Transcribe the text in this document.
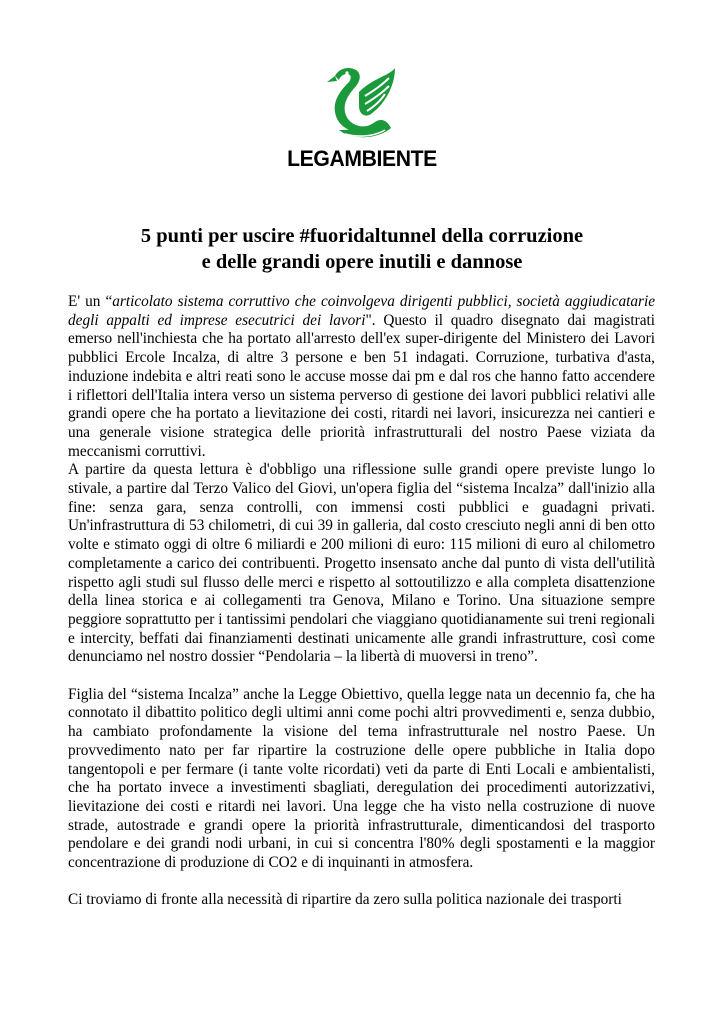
LEGAMBIENTE
5 punti per uscire #fuoridaltunnel della corruzione
e delle grandi opere inutili e dannose

E' un “articolato sistema corruttivo che coinvolgeva dirigenti pubblici, società aggiudicatarie degli appalti ed imprese esecutrici dei lavori". Questo il quadro disegnato dai magistrati emerso nell'inchiesta che ha portato all'arresto dell'ex super-dirigente del Ministero dei Lavori pubblici Ercole Incalza, di altre 3 persone e ben 51 indagati. Corruzione, turbativa d'asta, induzione indebita e altri reati sono le accuse mosse dai pm e dal ros che hanno fatto accendere i riflettori dell'Italia intera verso un sistema perverso di gestione dei lavori pubblici relativi alle grandi opere che ha portato a lievitazione dei costi, ritardi nei lavori, insicurezza nei cantieri e una generale visione strategica delle priorità infrastrutturali del nostro Paese viziata da meccanismi corruttivi.

A partire da questa lettura è d'obbligo una riflessione sulle grandi opere previste lungo lo stivale, a partire dal Terzo Valico del Giovi, un'opera figlia del “sistema Incalza” dall'inizio alla fine: senza gara, senza controlli, con immensi costi pubblici e guadagni privati. Un'infrastruttura di 53 chilometri, di cui 39 in galleria, dal costo cresciuto negli anni di ben otto volte e stimato oggi di oltre 6 miliardi e 200 milioni di euro: 115 milioni di euro al chilometro completamente a carico dei contribuenti. Progetto insensato anche dal punto di vista dell'utilità rispetto agli studi sul flusso delle merci e rispetto al sottoutilizzo e alla completa disattenzione della linea storica e ai collegamenti tra Genova, Milano e Torino. Una situazione sempre peggiore soprattutto per i tantissimi pendolari che viaggiano quotidianamente sui treni regionali e intercity, beffati dai finanziamenti destinati unicamente alle grandi infrastrutture, così come denunciamo nel nostro dossier “Pendolaria – la libertà di muoversi in treno”.

Figlia del “sistema Incalza” anche la Legge Obiettivo, quella legge nata un decennio fa, che ha connotato il dibattito politico degli ultimi anni come pochi altri provvedimenti e, senza dubbio, ha cambiato profondamente la visione del tema infrastrutturale nel nostro Paese. Un provvedimento nato per far ripartire la costruzione delle opere pubbliche in Italia dopo tangentopoli e per fermare (i tante volte ricordati) veti da parte di Enti Locali e ambientalisti, che ha portato invece a investimenti sbagliati, deregulation dei procedimenti autorizzativi, lievitazione dei costi e ritardi nei lavori. Una legge che ha visto nella costruzione di nuove strade, autostrade e grandi opere la priorità infrastrutturale, dimenticandosi del trasporto pendolare e dei grandi nodi urbani, in cui si concentra l'80% degli spostamenti e la maggior concentrazione di produzione di CO2 e di inquinanti in atmosfera.

Ci troviamo di fronte alla necessità di ripartire da zero sulla politica nazionale dei trasporti
